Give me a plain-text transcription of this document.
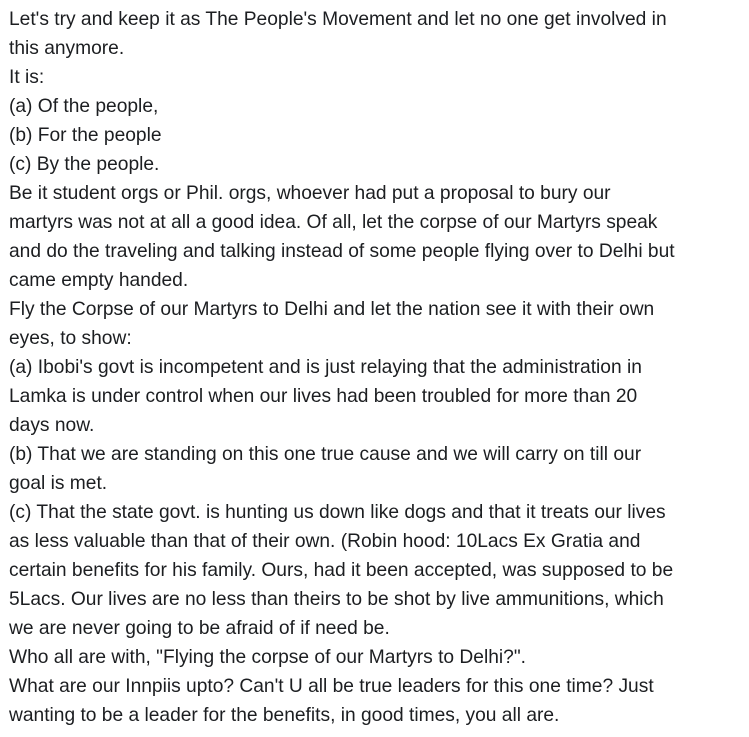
Let's try and keep it as The People's Movement and let no one get involved in
this anymore.
It is:
(a) Of the people,
(b) For the people
(c) By the people.
Be it student orgs or Phil. orgs, whoever had put a proposal to bury our
martyrs was not at all a good idea. Of all, let the corpse of our Martyrs speak
and do the traveling and talking instead of some people flying over to Delhi but
came empty handed.
Fly the Corpse of our Martyrs to Delhi and let the nation see it with their own
eyes, to show:
(a) Ibobi's govt is incompetent and is just relaying that the administration in
Lamka is under control when our lives had been troubled for more than 20
days now.
(b) That we are standing on this one true cause and we will carry on till our
goal is met.
(c) That the state govt. is hunting us down like dogs and that it treats our lives
as less valuable than that of their own. (Robin hood: 10Lacs Ex Gratia and
certain benefits for his family. Ours, had it been accepted, was supposed to be
5Lacs. Our lives are no less than theirs to be shot by live ammunitions, which
we are never going to be afraid of if need be.
Who all are with, "Flying the corpse of our Martyrs to Delhi?".
What are our Innpiis upto? Can't U all be true leaders for this one time? Just
wanting to be a leader for the benefits, in good times, you all are.
